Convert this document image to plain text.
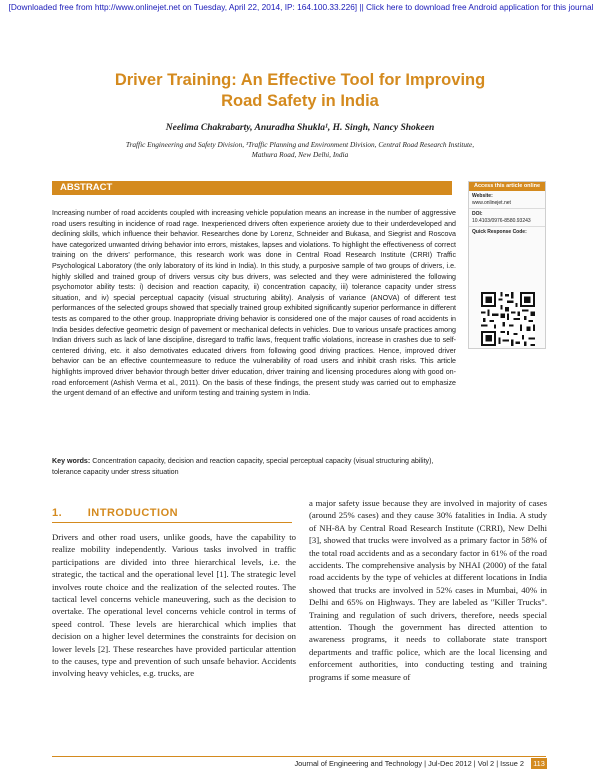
[Downloaded free from http://www.onlinejet.net on Tuesday, April 22, 2014, IP: 164.100.33.226] || Click here to download free Android application for this journal
Driver Training: An Effective Tool for Improving
Road Safety in India
Neelima Chakrabarty, Anuradha Shukla¹, H. Singh, Nancy Shokeen
Traffic Engineering and Safety Division, ¹Traffic Planning and Environment Division, Central Road Research Institute,
Mathura Road, New Delhi, India
ABSTRACT
Increasing number of road accidents coupled with increasing vehicle population means an increase in the number of aggressive road users resulting in incidence of road rage. Inexperienced drivers often experience anxiety due to their underdeveloped and declining skills, which influence their behavior. Researches done by Lorenz, Schneider and Bukasa, and Siegrist and Roscova have categorized unwanted driving behavior into errors, mistakes, lapses and violations. To highlight the effectiveness of correct training on the drivers' performance, this research work was done in Central Road Research Institute (CRRI) Traffic Psychological Laboratory (the only laboratory of its kind in India). In this study, a purposive sample of two groups of drivers, i.e. highly skilled and trained group of drivers versus city bus drivers, was selected and they were administered the following psychomotor ability tests: i) decision and reaction capacity, ii) concentration capacity, iii) tolerance capacity under stress situation, and iv) special perceptual capacity (visual structuring ability). Analysis of variance (ANOVA) of different test performances of the selected groups showed that specially trained group exhibited significantly superior performance in different tests as compared to the other group. Inappropriate driving behavior is considered one of the major causes of road accidents in India besides defective geometric design of pavement or mechanical defects in vehicles. Due to various unsafe practices among Indian drivers such as lack of lane discipline, disregard to traffic laws, frequent traffic violations, increase in crashes due to self-centered driving, etc. it also demotivates educated drivers from following good driving practices. Hence, improved driver behavior can be an effective countermeasure to reduce the vulnerability of road users and inhibit crash risks. This article highlights improved driver behavior through better driver education, driver training and licensing procedures along with good on-road enforcement (Ashish Verma et al., 2011). On the basis of these findings, the present study was carried out to emphasize the urgent demand of an effective and uniform testing and training system in India.
Key words: Concentration capacity, decision and reaction capacity, special perceptual capacity (visual structuring ability), tolerance capacity under stress situation
Access this article online
Website:
www.onlinejet.net
DOI:
10.4103/0976-8580.93243
Quick Response Code:
1. INTRODUCTION
Drivers and other road users, unlike goods, have the capability to realize mobility independently. Various tasks involved in traffic participations are divided into three hierarchical levels, i.e. the strategic, the tactical and the operational level [1]. The strategic level involves route choice and the realization of the selected routes. The tactical level concerns vehicle maneuvering, such as the decision to overtake. The operational level concerns vehicle control in terms of speed control. These levels are hierarchical which implies that decision on a higher level determines the constraints for decision on lower levels [2]. These researches have provided particular attention to the causes, type and prevention of such unsafe behavior. Accidents involving heavy vehicles, e.g. trucks, are
a major safety issue because they are involved in majority of cases (around 25% cases) and they cause 30% fatalities in India. A study of NH-8A by Central Road Research Institute (CRRI), New Delhi [3], showed that trucks were involved as a primary factor in 58% of the total road accidents and as a secondary factor in 61% of the road accidents. The comprehensive analysis by NHAI (2000) of the fatal road accidents by the type of vehicles at different locations in India showed that trucks are involved in 52% cases in Mumbai, 40% in Delhi and 65% on Highways. They are labeled as "Killer Trucks". Training and regulation of such drivers, therefore, needs special attention. Though the government has directed attention to awareness programs, it needs to collaborate state transport departments and traffic police, which are the local licensing and enforcement authorities, into conducting testing and training programs if some measure of
Journal of Engineering and Technology | Jul-Dec 2012 | Vol 2 | Issue 2	113
